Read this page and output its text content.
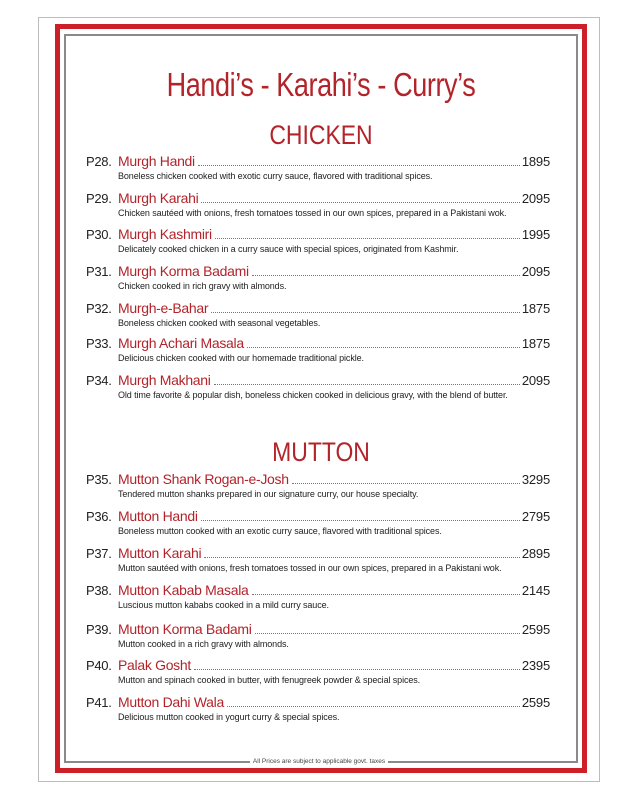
Handi’s - Karahi’s - Curry’s
CHICKEN
P28. Murgh Handi	1895
Boneless chicken cooked with exotic curry sauce, flavored with traditional spices.
P29. Murgh Karahi	2095
Chicken sautéed with onions, fresh tomatoes tossed in our own spices, prepared in a Pakistani wok.
P30. Murgh Kashmiri	1995
Delicately cooked chicken in a curry sauce with special spices, originated from Kashmir.
P31. Murgh Korma Badami	2095
Chicken cooked in rich gravy with almonds.
P32. Murgh-e-Bahar	1875
Boneless chicken cooked with seasonal vegetables.
P33. Murgh Achari Masala	1875
Delicious chicken cooked with our homemade traditional pickle.
P34. Murgh Makhani	2095
Old time favorite & popular dish, boneless chicken cooked in delicious gravy, with the blend of butter.
MUTTON
P35. Mutton Shank Rogan-e-Josh	3295
Tendered mutton shanks prepared in our signature curry, our house specialty.
P36. Mutton Handi	2795
Boneless mutton cooked with an exotic curry sauce, flavored with traditional spices.
P37. Mutton Karahi	2895
Mutton sautéed with onions, fresh tomatoes tossed in our own spices, prepared in a Pakistani wok.
P38. Mutton Kabab Masala	2145
Luscious mutton kababs cooked in a mild curry sauce.
P39. Mutton Korma Badami	2595
Mutton cooked in a rich gravy with almonds.
P40. Palak Gosht	2395
Mutton and spinach cooked in butter, with fenugreek powder & special spices.
P41. Mutton Dahi Wala	2595
Delicious mutton cooked in yogurt curry & special spices.
All Prices are subject to applicable govt. taxes
